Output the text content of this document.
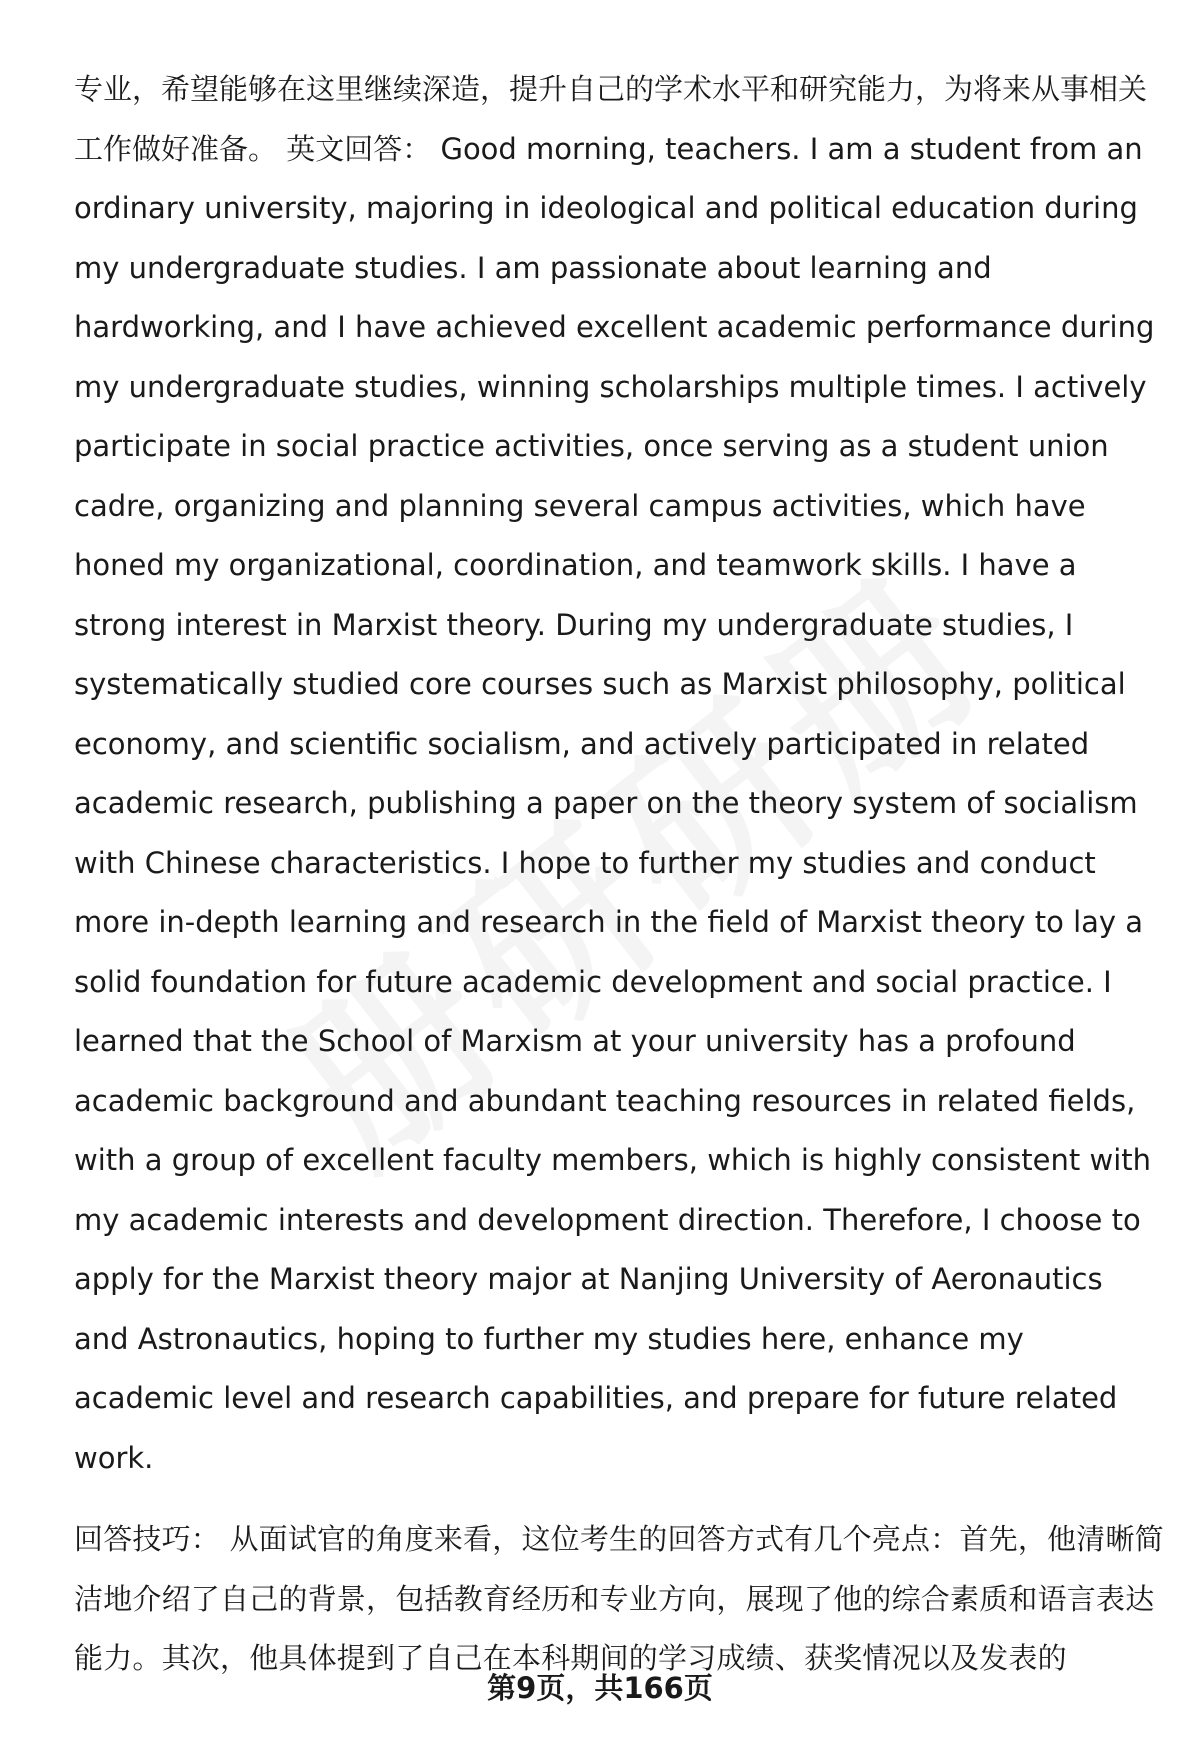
专业，希望能够在这里继续深造，提升自己的学术水平和研究能力，为将来从事相关工作做好准备。 英文回答： Good morning, teachers. I am a student from an ordinary university, majoring in ideological and political education during my undergraduate studies. I am passionate about learning and hardworking, and I have achieved excellent academic performance during my undergraduate studies, winning scholarships multiple times. I actively participate in social practice activities, once serving as a student union cadre, organizing and planning several campus activities, which have honed my organizational, coordination, and teamwork skills. I have a strong interest in Marxist theory. During my undergraduate studies, I systematically studied core courses such as Marxist philosophy, political economy, and scientific socialism, and actively participated in related academic research, publishing a paper on the theory system of socialism with Chinese characteristics. I hope to further my studies and conduct more in-depth learning and research in the field of Marxist theory to lay a solid foundation for future academic development and social practice. I learned that the School of Marxism at your university has a profound academic background and abundant teaching resources in related fields, with a group of excellent faculty members, which is highly consistent with my academic interests and development direction. Therefore, I choose to apply for the Marxist theory major at Nanjing University of Aeronautics and Astronautics, hoping to further my studies here, enhance my academic level and research capabilities, and prepare for future related work.

回答技巧： 从面试官的角度来看，这位考生的回答方式有几个亮点：首先，他清晰简洁地介绍了自己的背景，包括教育经历和专业方向，展现了他的综合素质和语言表达能力。其次，他具体提到了自己在本科期间的学习成绩、获奖情况以及发表的

第9页，共166页
